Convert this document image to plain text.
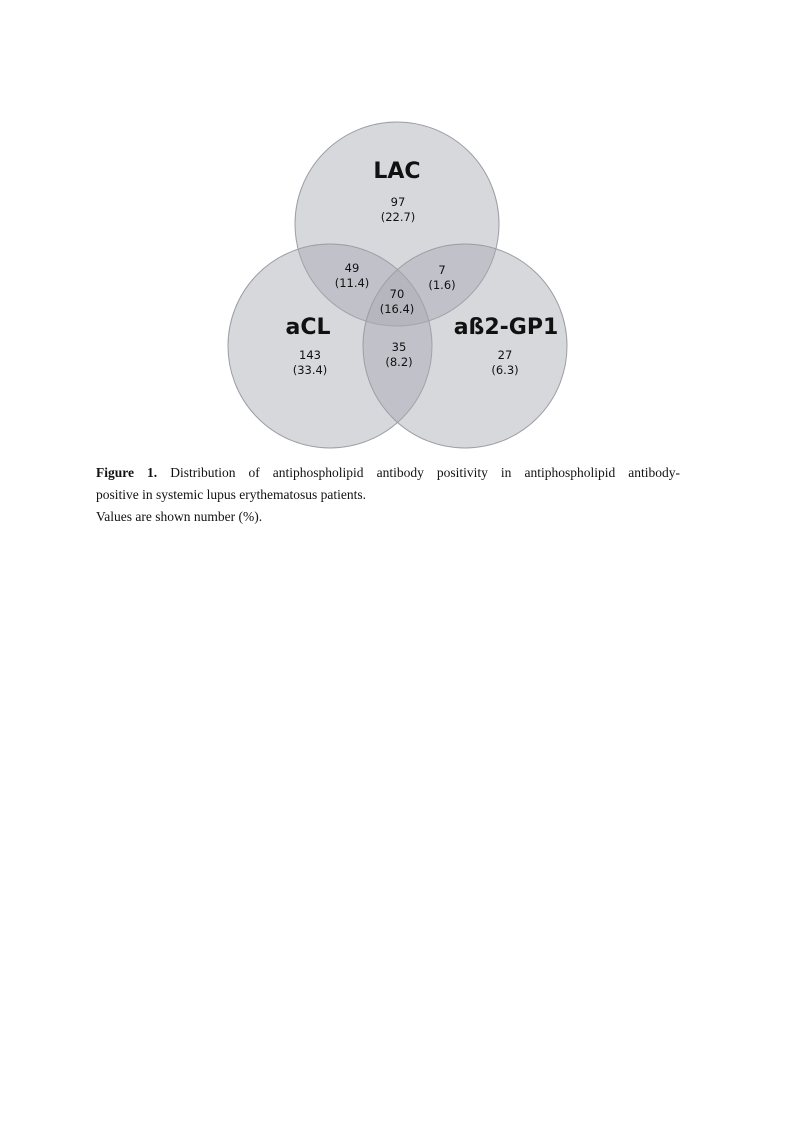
LAC
aCL	aß2-GP1
97
(22.7)
49
(11.4)
7
(1.6)
70
(16.4)
143
(33.4)
35
(8.2)	27
(6.3)

Figure 1. Distribution of antiphospholipid antibody positivity in antiphospholipid antibody-

positive in systemic lupus erythematosus patients.

Values are shown number (%).
